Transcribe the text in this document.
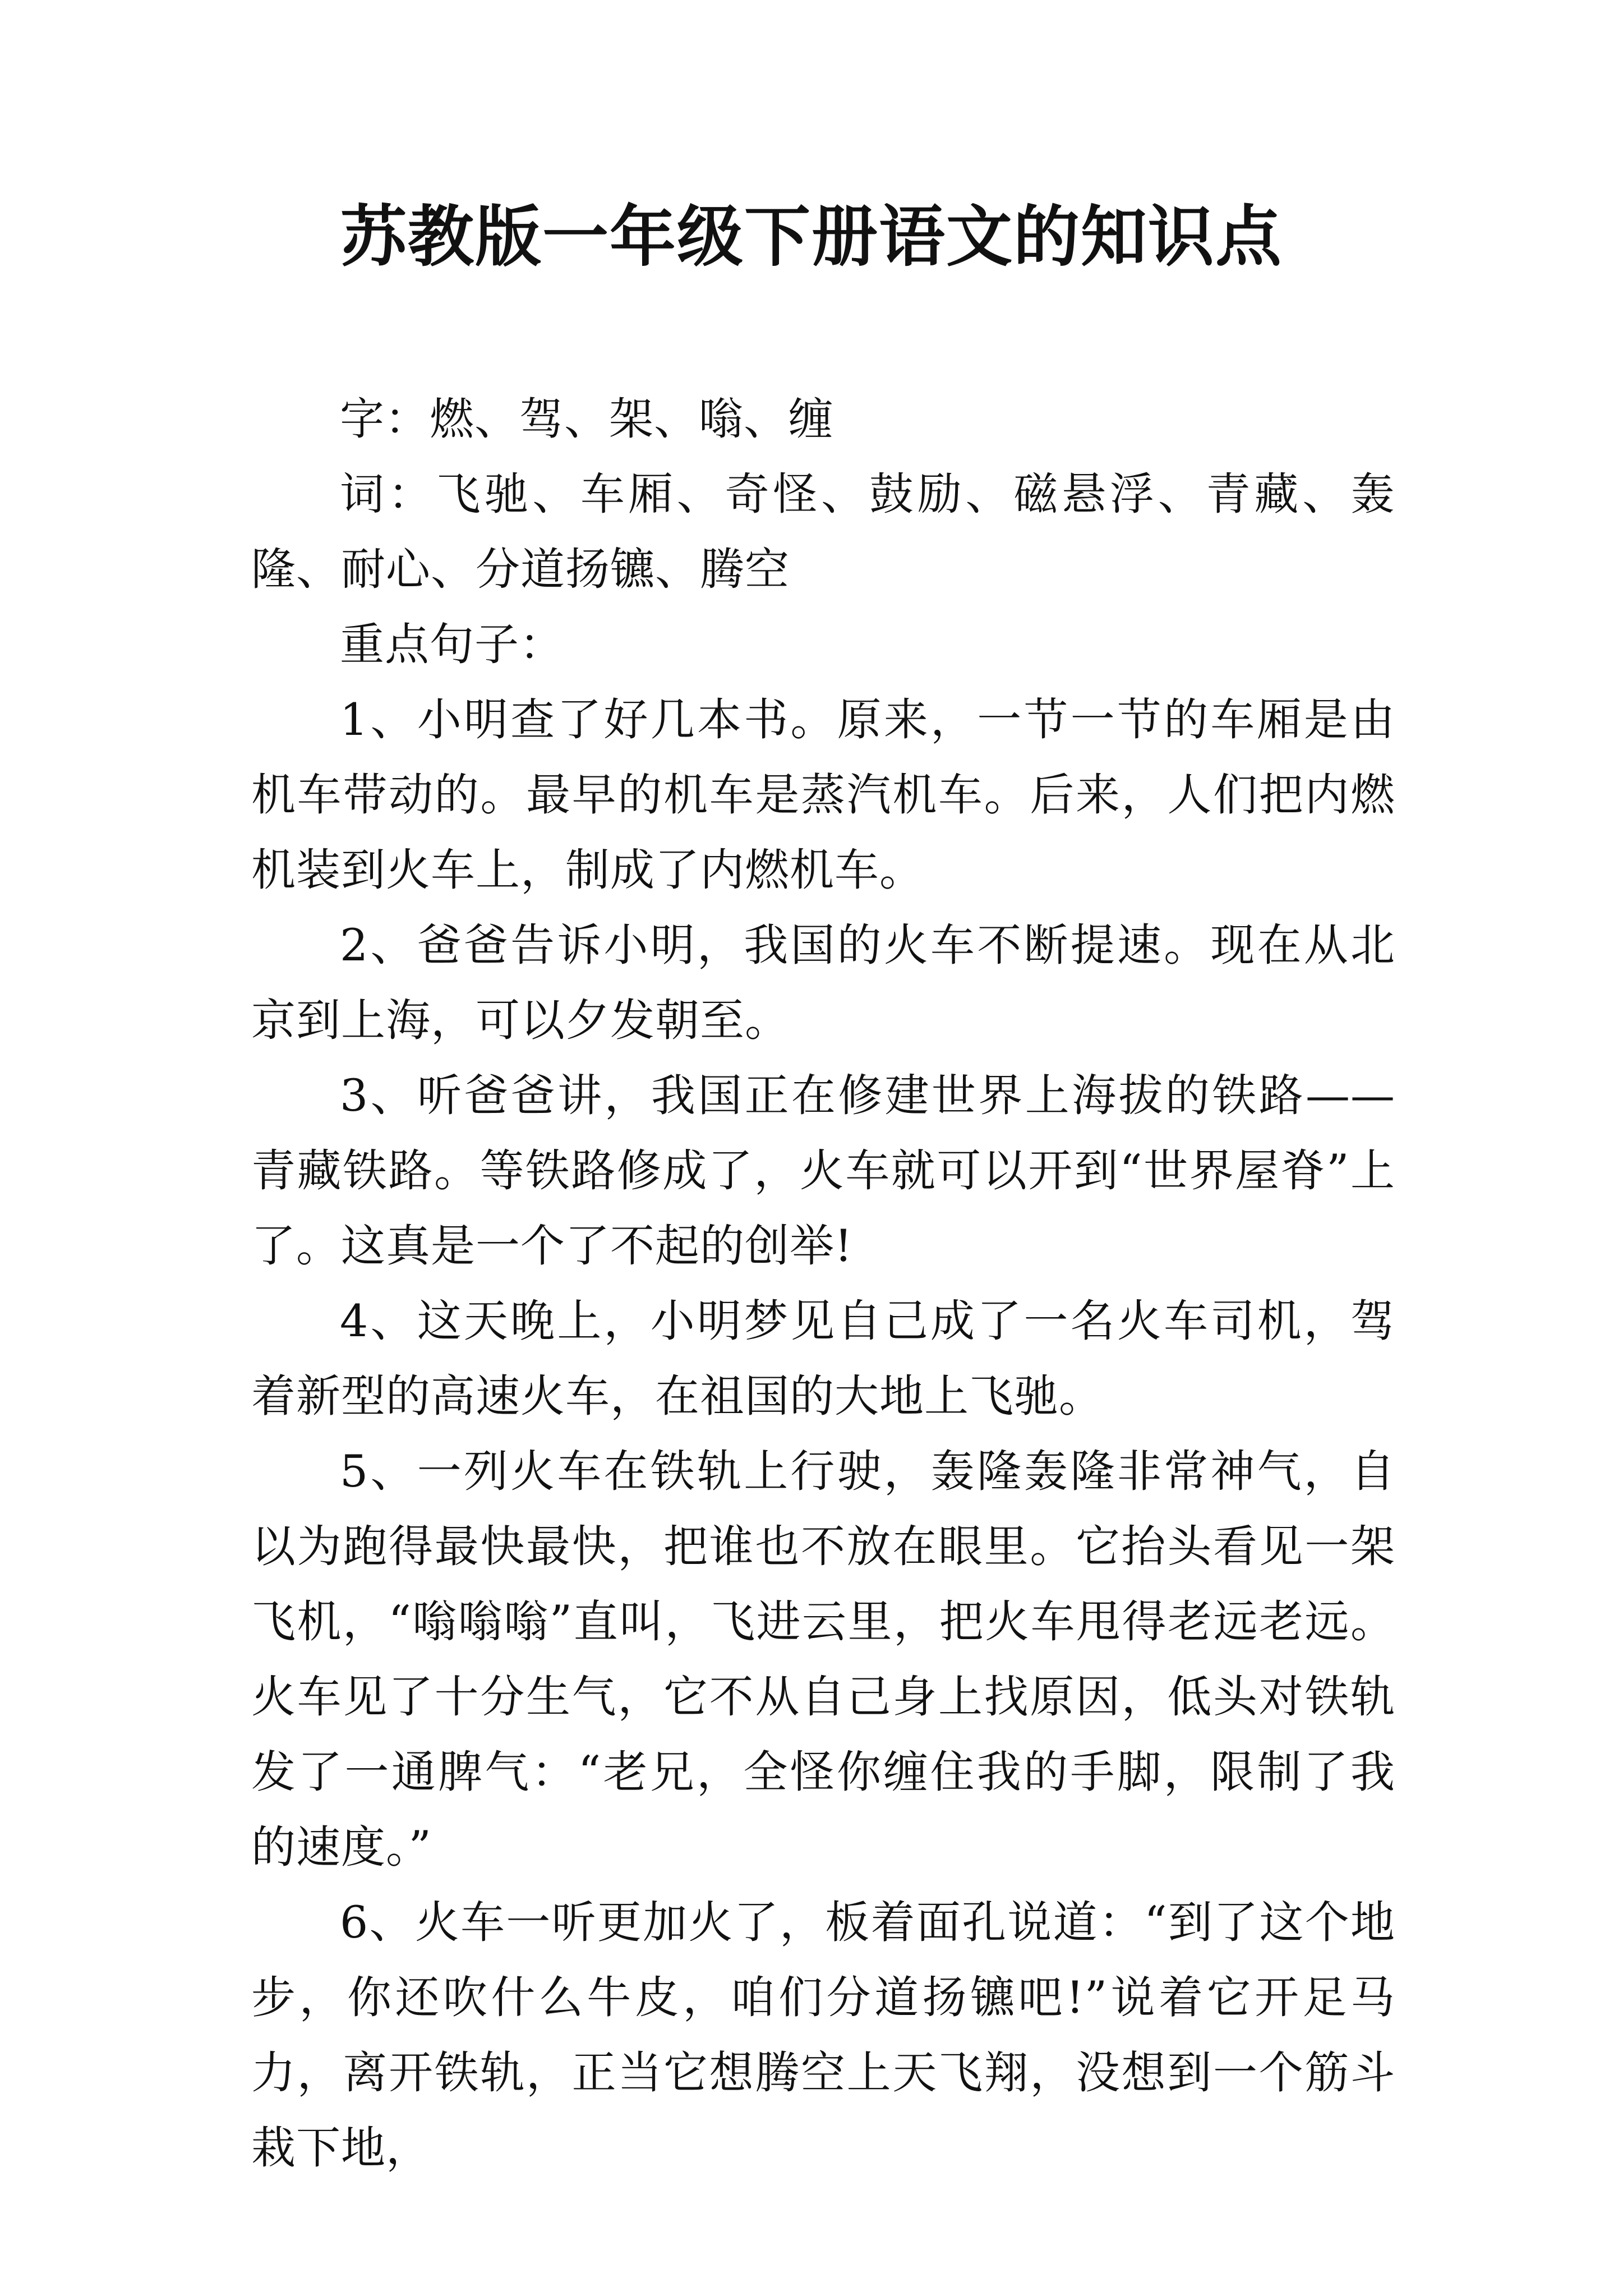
苏教版一年级下册语文的知识点

字：燃、驾、架、嗡、缠

词：飞驰、车厢、奇怪、鼓励、磁悬浮、青藏、轰隆、耐心、分道扬镳、腾空

重点句子：

1、小明查了好几本书。原来，一节一节的车厢是由机车带动的。最早的机车是蒸汽机车。后来，人们把内燃机装到火车上，制成了内燃机车。

2、爸爸告诉小明，我国的火车不断提速。现在从北京到上海，可以夕发朝至。

3、听爸爸讲，我国正在修建世界上海拔的铁路——青藏铁路。等铁路修成了，火车就可以开到“世界屋脊”上了。这真是一个了不起的创举!

4、这天晚上，小明梦见自己成了一名火车司机，驾着新型的高速火车，在祖国的大地上飞驰。

5、一列火车在铁轨上行驶，轰隆轰隆非常神气，自以为跑得最快最快，把谁也不放在眼里。它抬头看见一架飞机，“嗡嗡嗡”直叫，飞进云里，把火车甩得老远老远。火车见了十分生气，它不从自己身上找原因，低头对铁轨发了一通脾气：“老兄，全怪你缠住我的手脚，限制了我的速度。”

6、火车一听更加火了，板着面孔说道：“到了这个地步，你还吹什么牛皮，咱们分道扬镳吧!”说着它开足马力，离开铁轨，正当它想腾空上天飞翔，没想到一个筋斗栽下地，
